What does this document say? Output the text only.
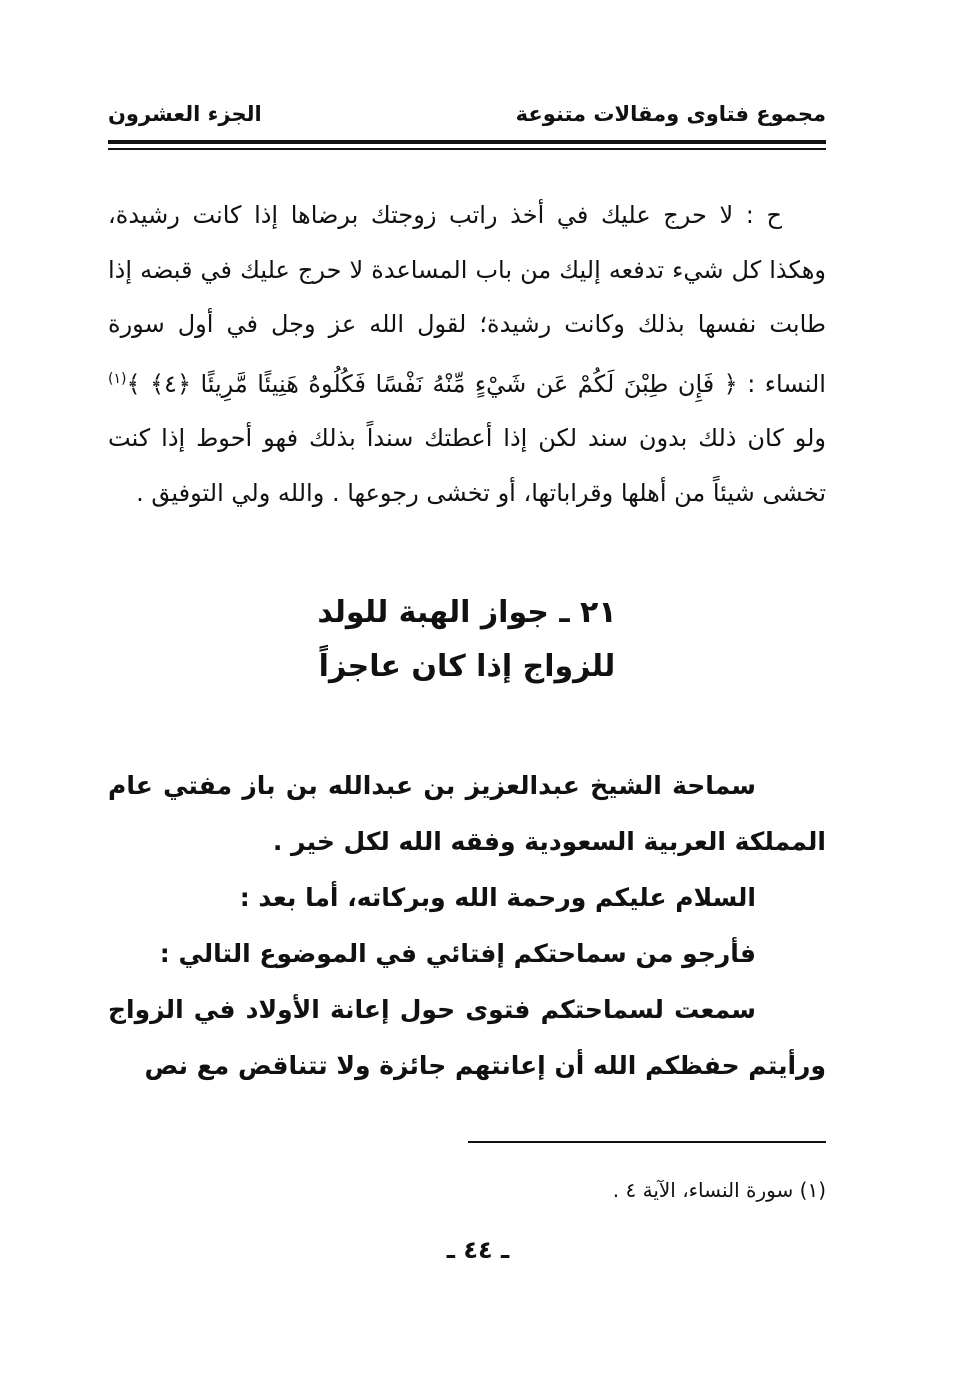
مجموع فتاوى ومقالات متنوعة
الجزء العشرون

ح : لا حرج عليك في أخذ راتب زوجتك برضاها إذا كانت رشيدة، وهكذا كل شيء تدفعه إليك من باب المساعدة لا حرج عليك في قبضه إذا طابت نفسها بذلك وكانت رشيدة؛ لقول الله عز وجل في أول سورة النساء : ﴿ فَإِن طِبْنَ لَكُمْ عَن شَيْءٍ مِّنْهُ نَفْسًا فَكُلُوهُ هَنِيئًا مَّرِيئًا ﴿٤﴾ ﴾$^{(١)}$ ولو كان ذلك بدون سند لكن إذا أعطتك سنداً بذلك فهو أحوط إذا كنت تخشى شيئاً من أهلها وقراباتها، أو تخشى رجوعها . والله ولي التوفيق .

٢١ ـ جواز الهبة للولد
للزواج إذا كان عاجزاً

سماحة الشيخ عبدالعزيز بن عبدالله بن باز مفتي عام المملكة العربية السعودية وفقه الله لكل خير .

السلام عليكم ورحمة الله وبركاته، أما بعد :

فأرجو من سماحتكم إفتائي في الموضوع التالي :

سمعت لسماحتكم فتوى حول إعانة الأولاد في الزواج ورأيتم حفظكم الله أن إعانتهم جائزة ولا تتناقض مع نص

(١) سورة النساء، الآية ٤ .
ـ ٤٤ ـ
